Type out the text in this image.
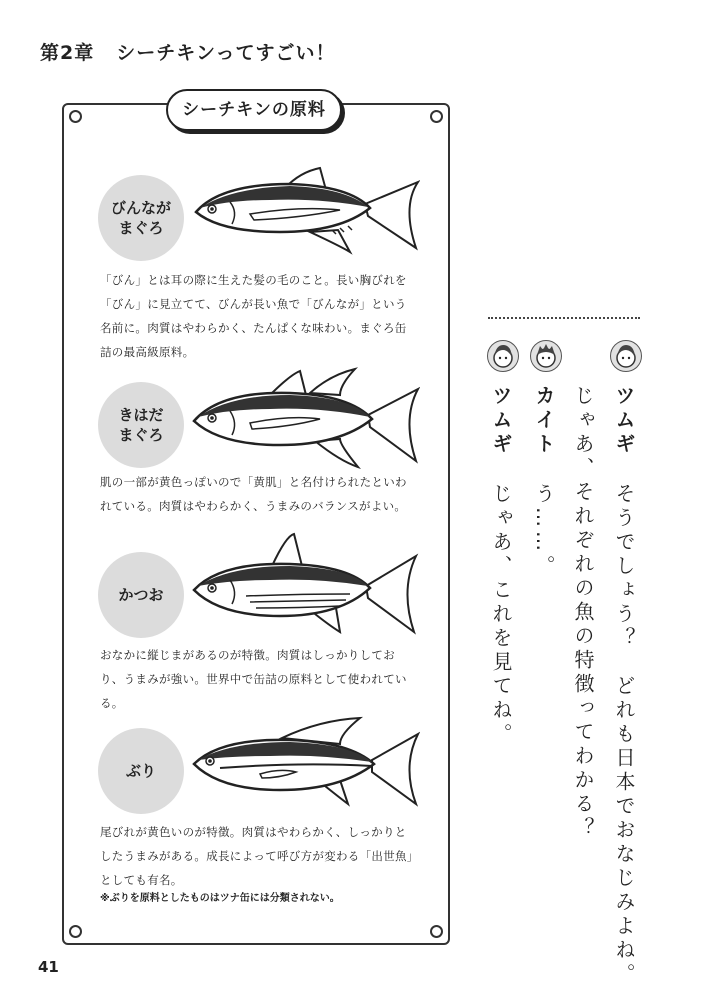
第2章 シーチキンってすごい！
シーチキンの原料
びんなが
まぐろ
「びん」とは耳の際に生えた髪の毛のこと。長い胸びれを「びん」に見立てて、びんが長い魚で「びんなが」という名前に。肉質はやわらかく、たんぱくな味わい。まぐろ缶詰の最高級原料。
きはだ
まぐろ
肌の一部が黄色っぽいので「黄肌」と名付けられたといわれている。肉質はやわらかく、うまみのバランスがよい。
かつお
おなかに縦じまがあるのが特徴。肉質はしっかりしており、うまみが強い。世界中で缶詰の原料として使われている。
ぶり
尾びれが黄色いのが特徴。肉質はやわらかく、しっかりとしたうまみがある。成長によって呼び方が変わる「出世魚」としても有名。
※ぶりを原料としたものはツナ缶には分類されない。
41
ツムギそうでしょう？　どれも日本でおなじみよね。
じゃあ、それぞれの魚の特徴ってわかる？
カイトう……。
ツムギじゃあ、これを見てね。
